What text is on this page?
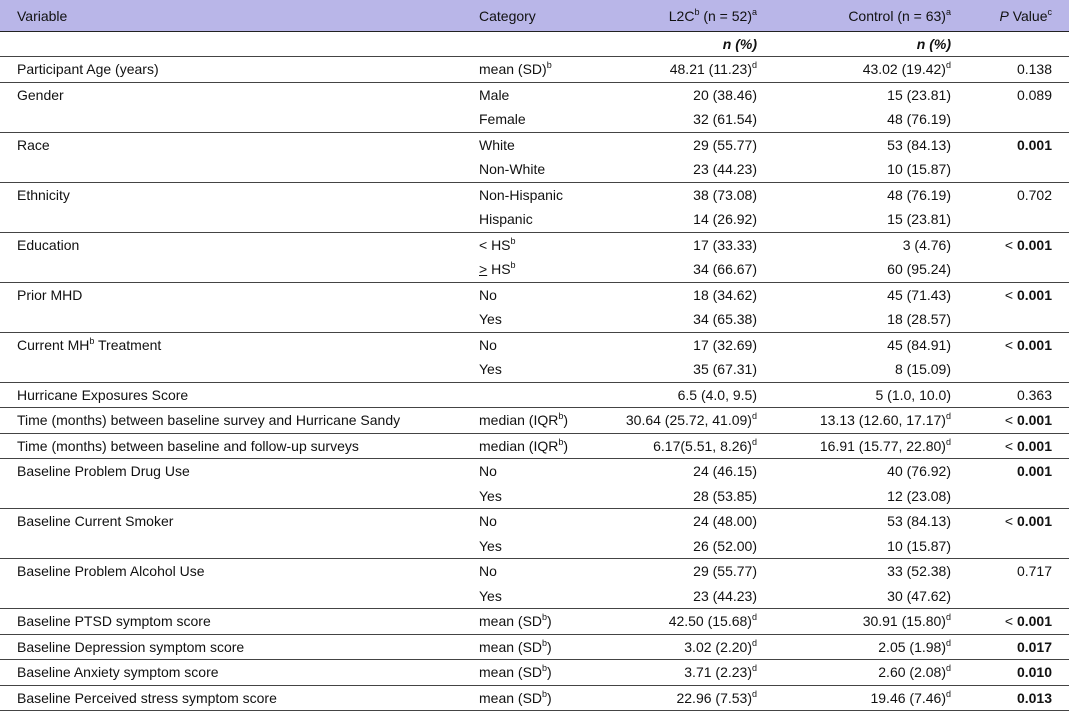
Variable	Category	$L2C^b$ (n = 52)$^a$	Control (n = 63)$^a$	P Value$^c$
		n (%)	n (%)	
Participant Age (years)	mean (SD)$^b$	48.21 $(11.23)^d$	43.02 $(19.42)^d$	0.138
Gender	Male	20 (38.46)	15 (23.81)	0.089
	Female	32 (61.54)	48 (76.19)	
Race	White	29 (55.77)	53 (84.13)	0.001
	Non-White	23 (44.23)	10 (15.87)	
Ethnicity	Non-Hispanic	38 (73.08)	48 (76.19)	0.702
	Hispanic	14 (26.92)	15 (23.81)	
Education	< $HS^b$	17 (33.33)	3 (4.76)	< 0.001
	> $HS^b$	34 (66.67)	60 (95.24)	
Prior MHD	No	18 (34.62)	45 (71.43)	< 0.001
	Yes	34 (65.38)	18 (28.57)	
Current $MH^b$ Treatment	No	17 (32.69)	45 (84.91)	< 0.001
	Yes	35 (67.31)	8 (15.09)	
Hurricane Exposures Score		6.5 (4.0, 9.5)	5 (1.0, 10.0)	0.363
Time (months) between baseline survey and Hurricane Sandy	median (IQR$^b$)	30.64 (25.72, 41.09)$^d$	13.13 (12.60, 17.17)$^d$	< 0.001
Time (months) between baseline and follow-up surveys	median (IQR$^b$)	6.17(5.51, 8.26)$^d$	16.91 (15.77, 22.80)$^d$	< 0.001
Baseline Problem Drug Use	No	24 (46.15)	40 (76.92)	0.001
	Yes	28 (53.85)	12 (23.08)	
Baseline Current Smoker	No	24 (48.00)	53 (84.13)	< 0.001
	Yes	26 (52.00)	10 (15.87)	
Baseline Problem Alcohol Use	No	29 (55.77)	33 (52.38)	0.717
	Yes	23 (44.23)	30 (47.62)	
Baseline PTSD symptom score	mean $(SD^b)$	42.50 $(15.68)^d$	30.91 $(15.80)^d$	< 0.001
Baseline Depression symptom score	mean $(SD^b)$	3.02 $(2.20)^d$	2.05 $(1.98)^d$	0.017
Baseline Anxiety symptom score	mean $(SD^b)$	3.71 $(2.23)^d$	2.60 $(2.08)^d$	0.010
Baseline Perceived stress symptom score	mean $(SD^b)$	22.96 $(7.53)^d$	19.46 $(7.46)^d$	0.013
